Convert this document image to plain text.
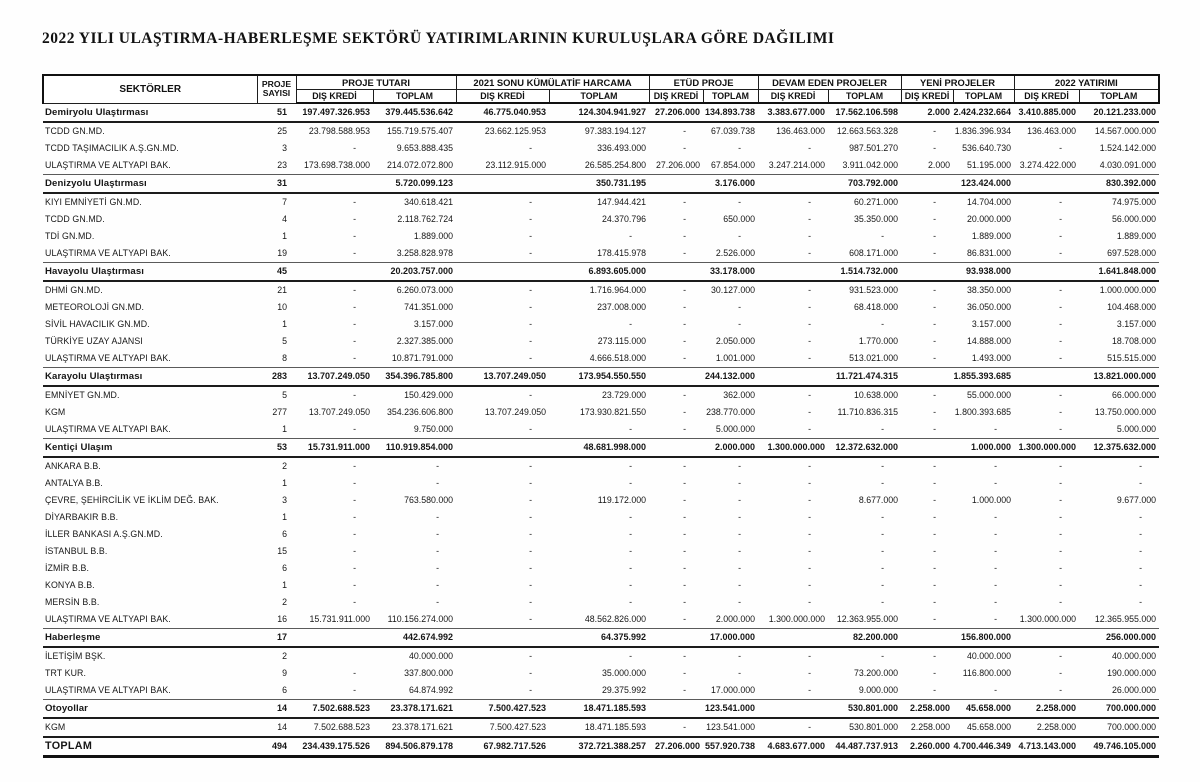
2022 YILI ULAŞTIRMA-HABERLEŞME SEKTÖRÜ YATIRIMLARININ KURULUŞLARA GÖRE DAĞILIMI
SEKTÖRLER	PROJE
SAYISI	PROJE TUTARI		2021 SONU KÜMÜLATİF HARCAMA		ETÜD PROJE		DEVAM EDEN PROJELER		YENİ PROJELER		2022 YATIRIMI	
		DIŞ KREDİ	TOPLAM	DIŞ KREDİ	TOPLAM	DIŞ KREDİ	TOPLAM	DIŞ KREDİ	TOPLAM	DIŞ KREDİ	TOPLAM	DIŞ KREDİ	TOPLAM
Demiryolu Ulaştırması	51	197.497.326.953	379.445.536.642	46.775.040.953	124.304.941.927	27.206.000	134.893.738	3.383.677.000	17.562.106.598	2.000	2.424.232.664	3.410.885.000	20.121.233.000
TCDD GN.MD.	25	23.798.588.953	155.719.575.407	23.662.125.953	97.383.194.127	-	67.039.738	136.463.000	12.663.563.328	-	1.836.396.934	136.463.000	14.567.000.000
TCDD TAŞIMACILIK A.Ş.GN.MD.	3	-	9.653.888.435	-	336.493.000	-	-	-	987.501.270	-	536.640.730	-	1.524.142.000
ULAŞTIRMA VE ALTYAPI BAK.	23	173.698.738.000	214.072.072.800	23.112.915.000	26.585.254.800	27.206.000	67.854.000	3.247.214.000	3.911.042.000	2.000	51.195.000	3.274.422.000	4.030.091.000
Denizyolu Ulaştırması	31		5.720.099.123		350.731.195		3.176.000		703.792.000		123.424.000		830.392.000
KIYI EMNİYETİ GN.MD.	7	-	340.618.421	-	147.944.421	-	-	-	60.271.000	-	14.704.000	-	74.975.000
TCDD GN.MD.	4	-	2.118.762.724	-	24.370.796	-	650.000	-	35.350.000	-	20.000.000	-	56.000.000
TDİ GN.MD.	1	-	1.889.000	-	-	-	-	-	-	-	1.889.000	-	1.889.000
ULAŞTIRMA VE ALTYAPI BAK.	19	-	3.258.828.978	-	178.415.978	-	2.526.000	-	608.171.000	-	86.831.000	-	697.528.000
Havayolu Ulaştırması	45		20.203.757.000		6.893.605.000		33.178.000		1.514.732.000		93.938.000		1.641.848.000
DHMİ GN.MD.	21	-	6.260.073.000	-	1.716.964.000	-	30.127.000	-	931.523.000	-	38.350.000	-	1.000.000.000
METEOROLOJİ GN.MD.	10	-	741.351.000	-	237.008.000	-	-	-	68.418.000	-	36.050.000	-	104.468.000
SİVİL HAVACILIK GN.MD.	1	-	3.157.000	-	-	-	-	-	-	-	3.157.000	-	3.157.000
TÜRKİYE UZAY AJANSI	5	-	2.327.385.000	-	273.115.000	-	2.050.000	-	1.770.000	-	14.888.000	-	18.708.000
ULAŞTIRMA VE ALTYAPI BAK.	8	-	10.871.791.000	-	4.666.518.000	-	1.001.000	-	513.021.000	-	1.493.000	-	515.515.000
Karayolu Ulaştırması	283	13.707.249.050	354.396.785.800	13.707.249.050	173.954.550.550		244.132.000		11.721.474.315		1.855.393.685		13.821.000.000
EMNİYET GN.MD.	5	-	150.429.000	-	23.729.000	-	362.000	-	10.638.000	-	55.000.000	-	66.000.000
KGM	277	13.707.249.050	354.236.606.800	13.707.249.050	173.930.821.550	-	238.770.000	-	11.710.836.315	-	1.800.393.685	-	13.750.000.000
ULAŞTIRMA VE ALTYAPI BAK.	1	-	9.750.000	-	-	-	5.000.000	-	-	-	-	-	5.000.000
Kentiçi Ulaşım	53	15.731.911.000	110.919.854.000		48.681.998.000		2.000.000	1.300.000.000	12.372.632.000		1.000.000	1.300.000.000	12.375.632.000
ANKARA B.B.	2	-	-	-	-	-	-	-	-	-	-	-	-
ANTALYA B.B.	1	-	-	-	-	-	-	-	-	-	-	-	-
ÇEVRE, ŞEHİRCİLİK VE İKLİM DEĞ. BAK.	3	-	763.580.000	-	119.172.000	-	-	-	8.677.000	-	1.000.000	-	9.677.000
DİYARBAKIR B.B.	1	-	-	-	-	-	-	-	-	-	-	-	-
İLLER BANKASI A.Ş.GN.MD.	6	-	-	-	-	-	-	-	-	-	-	-	-
İSTANBUL B.B.	15	-	-	-	-	-	-	-	-	-	-	-	-
İZMİR B.B.	6	-	-	-	-	-	-	-	-	-	-	-	-
KONYA B.B.	1	-	-	-	-	-	-	-	-	-	-	-	-
MERSİN B.B.	2	-	-	-	-	-	-	-	-	-	-	-	-
ULAŞTIRMA VE ALTYAPI BAK.	16	15.731.911.000	110.156.274.000	-	48.562.826.000	-	2.000.000	1.300.000.000	12.363.955.000	-	-	1.300.000.000	12.365.955.000
Haberleşme	17		442.674.992		64.375.992		17.000.000		82.200.000		156.800.000		256.000.000
İLETİŞİM BŞK.	2		40.000.000	-	-	-	-	-	-	-	40.000.000	-	40.000.000
TRT KUR.	9	-	337.800.000	-	35.000.000	-	-	-	73.200.000	-	116.800.000	-	190.000.000
ULAŞTIRMA VE ALTYAPI BAK.	6	-	64.874.992	-	29.375.992	-	17.000.000	-	9.000.000	-	-	-	26.000.000
Otoyollar	14	7.502.688.523	23.378.171.621	7.500.427.523	18.471.185.593		123.541.000		530.801.000	2.258.000	45.658.000	2.258.000	700.000.000
KGM	14	7.502.688.523	23.378.171.621	7.500.427.523	18.471.185.593	-	123.541.000	-	530.801.000	2.258.000	45.658.000	2.258.000	700.000.000
TOPLAM	494	234.439.175.526	894.506.879.178	67.982.717.526	372.721.388.257	27.206.000	557.920.738	4.683.677.000	44.487.737.913	2.260.000	4.700.446.349	4.713.143.000	49.746.105.000
